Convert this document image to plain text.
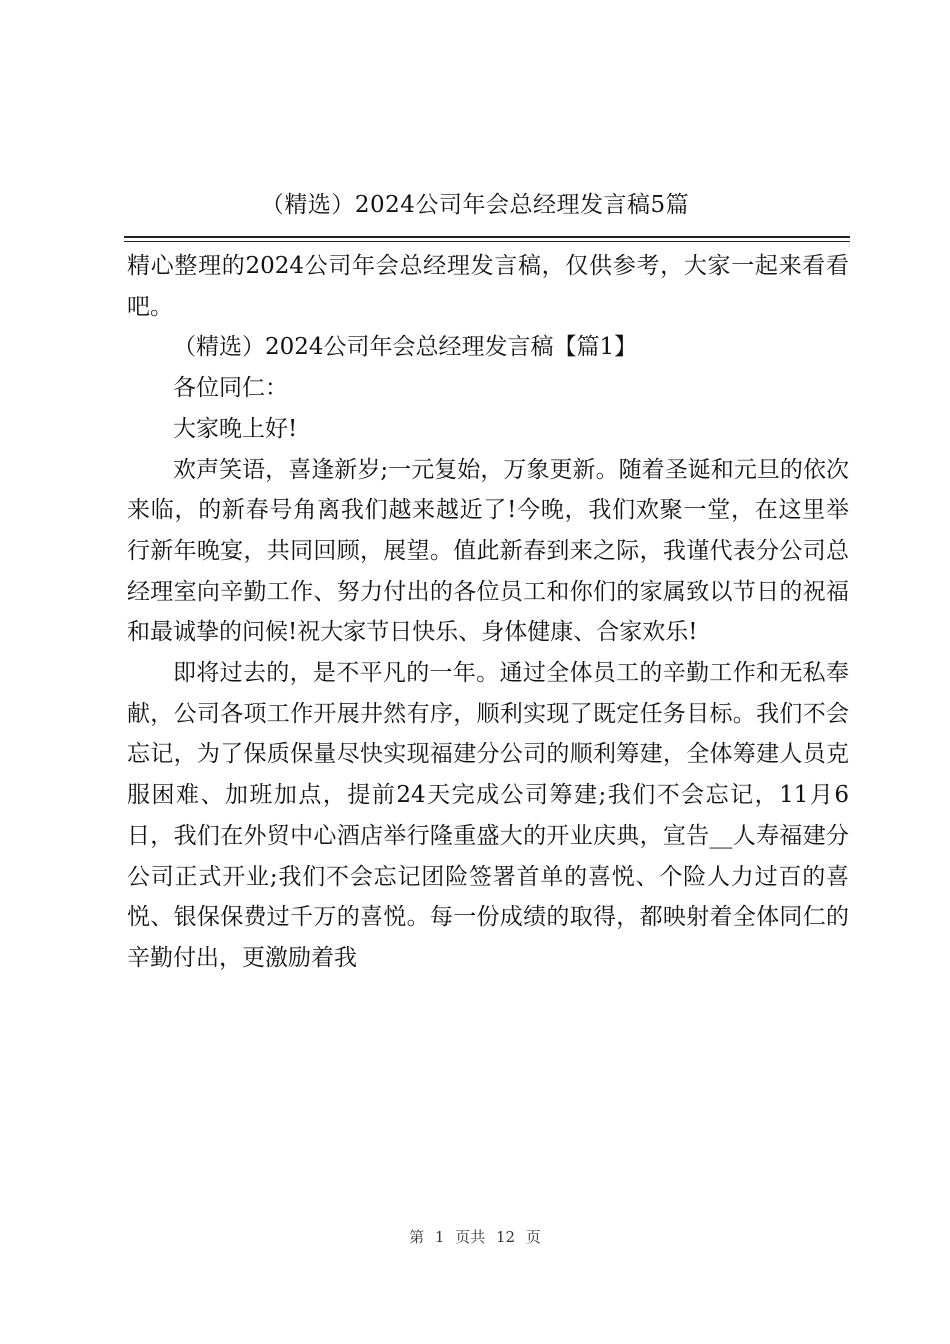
（精选）2024公司年会总经理发言稿5篇

精心整理的2024公司年会总经理发言稿，仅供参考，大家一起来看看吧。

（精选）2024公司年会总经理发言稿【篇1】

各位同仁：

大家晚上好!

欢声笑语，喜逢新岁;一元复始，万象更新。随着圣诞和元旦的依次来临，的新春号角离我们越来越近了!今晚，我们欢聚一堂，在这里举行新年晚宴，共同回顾，展望。值此新春到来之际，我谨代表分公司总经理室向辛勤工作、努力付出的各位员工和你们的家属致以节日的祝福和最诚挚的问候!祝大家节日快乐、身体健康、合家欢乐!

即将过去的，是不平凡的一年。通过全体员工的辛勤工作和无私奉献，公司各项工作开展井然有序，顺利实现了既定任务目标。我们不会忘记，为了保质保量尽快实现福建分公司的顺利筹建，全体筹建人员克服困难、加班加点，提前24天完成公司筹建;我们不会忘记，11月6日，我们在外贸中心酒店举行隆重盛大的开业庆典，宣告__人寿福建分公司正式开业;我们不会忘记团险签署首单的喜悦、个险人力过百的喜悦、银保保费过千万的喜悦。每一份成绩的取得，都映射着全体同仁的辛勤付出，更激励着我

第 1 页共 12 页
